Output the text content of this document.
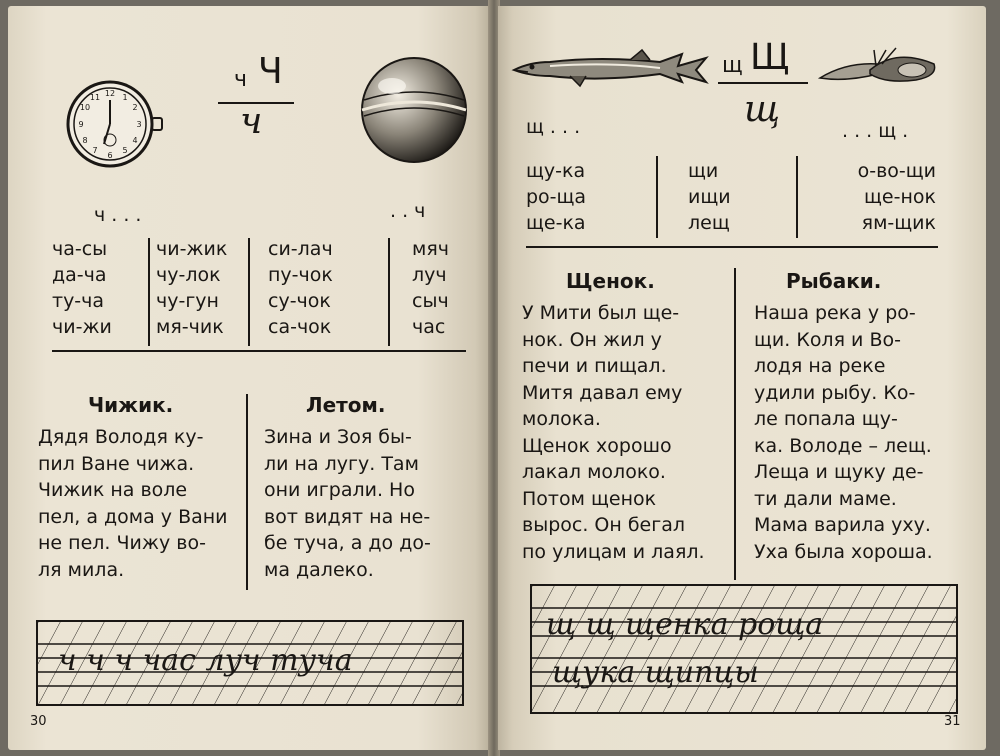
12 1
2
3
4
5
6
7
8
9
10
11
ч Ч
ч
ч . . .	. . ч
ча-сы
да-ча
ту-ча
чи-жи
чи-жик
чу-лок
чу-гун
мя-чик
си-лач
пу-чок
су-чок
са-чок
мяч
луч
сыч
час
Чижик.
Дядя Володя ку-
пил Ване чижа.
Чижик на воле
пел, а дома у Вани
не пел. Чижу во-
ля мила.
Летом.
Зина и Зоя бы-
ли на лугу. Там
они играли. Но
вот видят на не-
бе туча, а до до-
ма далеко.
ч ч ч час луч туча
30
щ Щ
щ
щ . . .	. . . щ .
щу-ка
ро-ща
ще-ка
щи
ищи
лещ
о-во-щи
ще-нок
ям-щик
Щенок.
У Мити был ще-
нок. Он жил у
печи и пищал.
Митя давал ему
молока.
Щенок хорошо
лакал молоко.
Потом щенок
вырос. Он бегал
по улицам и лаял.
Рыбаки.
Наша река у ро-
щи. Коля и Во-
лодя на реке
удили рыбу. Ко-
ле попала щу-
ка. Володе – лещ.
Леща и щуку де-
ти дали маме.
Мама варила уху.
Уха была хороша.
щ щ щенка роща
щука щипцы
31
